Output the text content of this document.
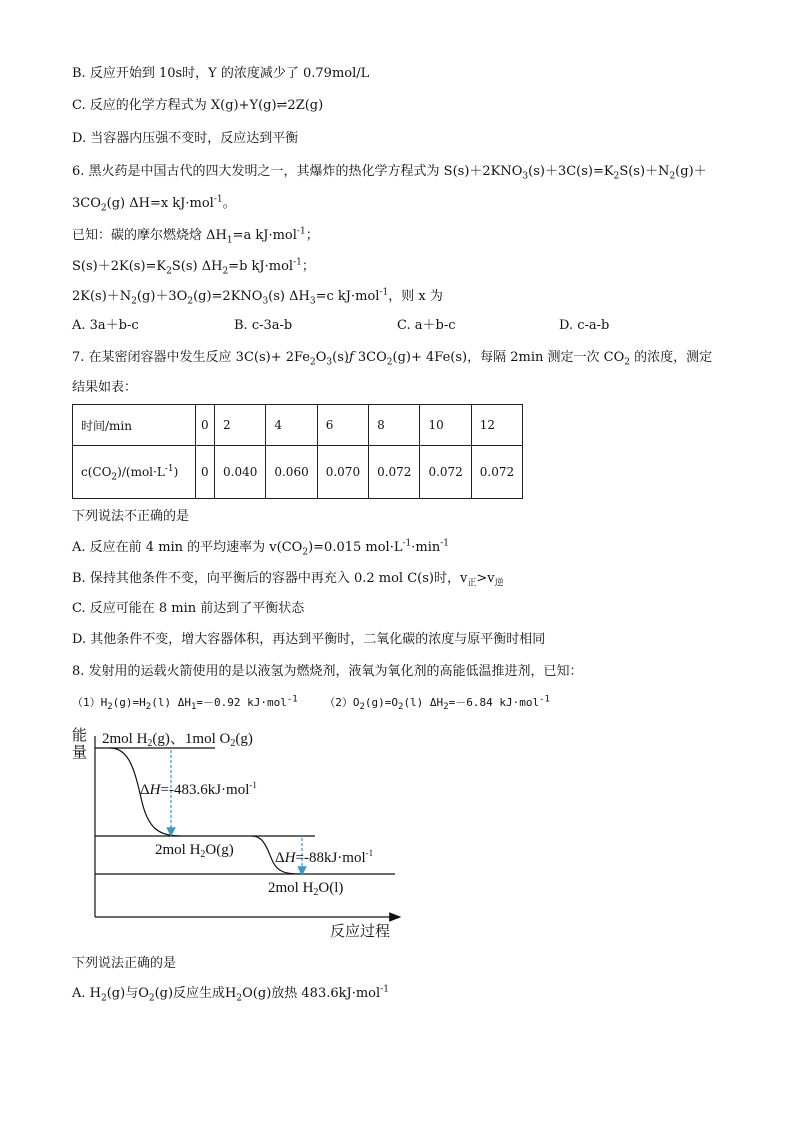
B. 反应开始到 10s时，Y 的浓度减少了 0.79mol/L
C. 反应的化学方程式为 X(g)+Y(g)⇌2Z(g)
D. 当容器内压强不变时，反应达到平衡
6. 黑火药是中国古代的四大发明之一，其爆炸的热化学方程式为 $S(s)+2KNO_3(s)+3C(s)=K_2S(s)+N_2(g)+$
$3CO_2(g)$ ΔH=x kJ·mol$^{-1}$。
已知：碳的摩尔燃烧焓 $\Delta H_1=a$ kJ·mol$^{-1}$；
$S(s)+2K(s)=K_2S(s)$ $\Delta H_2=b$ kJ·mol$^{-1}$；
$2K(s)+N_2(g)+3O_2(g)=2KNO_3(s)$ $\Delta H_3=c$ kJ·mol$^{-1}$，则 x 为
A. 3a＋b-c	B. c-3a-b	C. a＋b-c	D. c-a-b
7. 在某密闭容器中发生反应 $3C(s)+ 2Fe_2O_3(s)ƒ$ $3CO_2(g)+ 4Fe(s)$，每隔 2min 测定一次 $CO_2$ 的浓度，测定
结果如表：
时间/min	0	2	4	6	8	10	12
$c(CO_2)/(mol\cdot L^{-1})$	0	0.040	0.060	0.070	0.072	0.072	0.072
下列说法不正确的是
A. 反应在前 4 min 的平均速率为 $v(CO_2)=0.015$ $mol\cdot L^{-1}\cdot\min^{-1}$
B. 保持其他条件不变，向平衡后的容器中再充入 0.2 mol C(s)时，$v_正>v_逆$
C. 反应可能在 8 min 前达到了平衡状态
D. 其他条件不变，增大容器体积，再达到平衡时，二氧化碳的浓度与原平衡时相同
8. 发射用的运载火箭使用的是以液氢为燃烧剂，液氧为氧化剂的高能低温推进剂，已知：
$(1)H_2(g)=H_2(l)$ $\Delta H_1=-0.92$ kJ·mol$^{-1}$ $(2)O_2(g)=O_2(l)$ $\Delta H_2=-6.84$ kJ·mol$^{-1}$
能
量
反应过程
2mol $H_2(g)$、1mol $O_2(g)$
ΔH=-483.6kJ·mol$^{-1}$
2mol $H_2O(g)$	ΔH=-88kJ·mol$^{-1}$
2mol $H_2O(l)$
下列说法正确的是
A. $H_2(g)$与$O_2(g)$反应生成$H_2O(g)$放热 483.6kJ·mol$^{-1}$
